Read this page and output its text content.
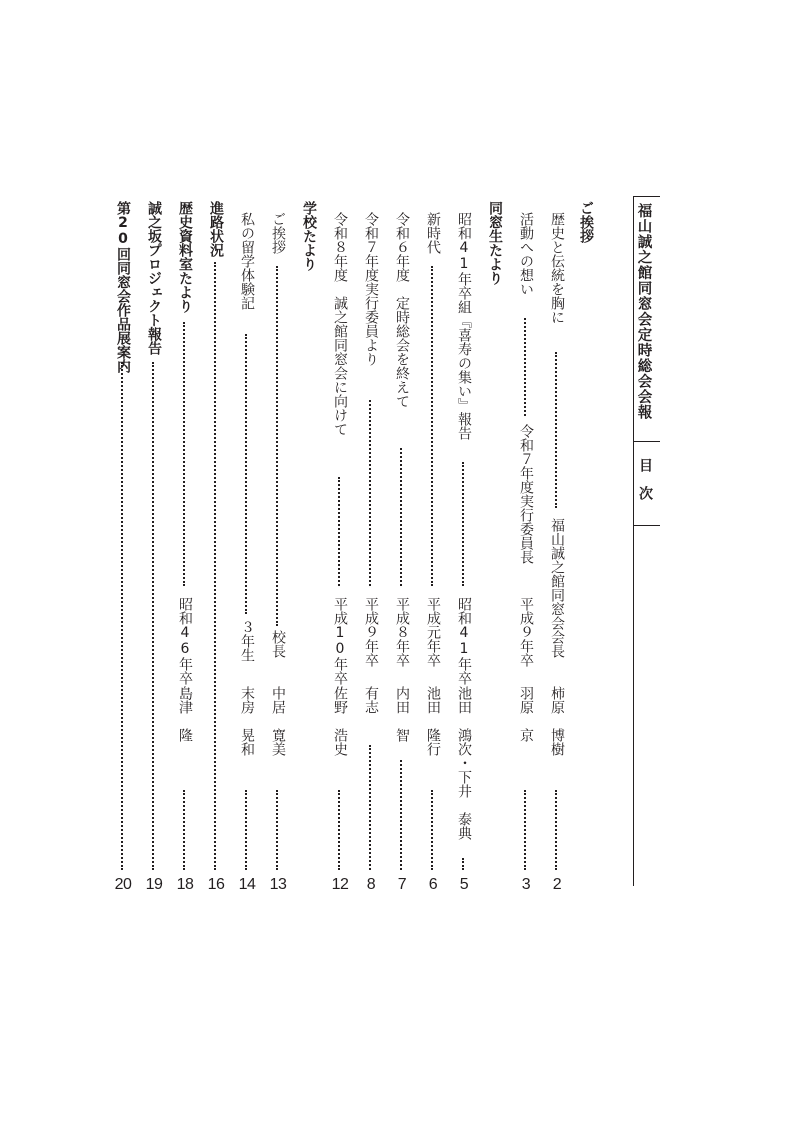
福山誠之館同窓会定時総会会報
目　次
ご挨拶
歴史と伝統を胸に
福山誠之館同窓会会長
柿原　博樹
2
活動への想い
令和７年度実行委員長
平成９年卒
羽原　京
3
同窓生たより
昭和41年卒組『喜寿の集い』報告
昭和41年卒
池田　鴻次・下井　泰典
5
新時代
平成元年卒
池田　隆行
6
令和６年度　定時総会を終えて
平成８年卒
内田　智
7
令和７年度実行委員より
平成９年卒
有志
8
令和８年度　誠之館同窓会に向けて
平成10年卒
佐野　浩史
12
学校たより
ご挨拶
校長
中居　寛美
13
私の留学体験記
３年生
末房　晃和
14
進路状況
16
歴史資料室たより
昭和46年卒
島津　隆
18
誠之坂プロジェクト報告
19
第20回同窓会作品展案内
20
